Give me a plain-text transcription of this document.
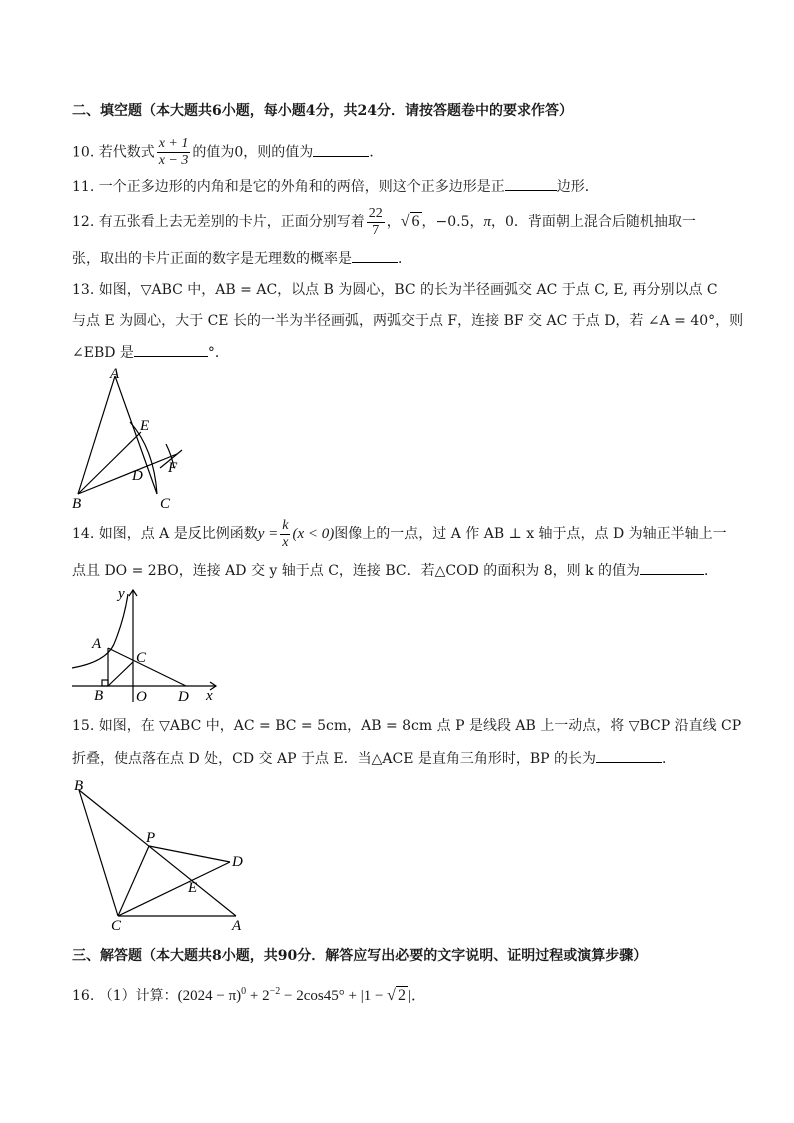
二、填空题（本大题共6小题，每小题4分，共24分．请按答题卷中的要求作答）
10. 若代数式 $\frac{x + 1}{x - 3}$ 的值为0，则的值为	．
11. 一个正多边形的内角和是它的外角和的两倍，则这个正多边形是正	边形．
12. 有五张看上去无差别的卡片，正面分别写着 $\frac{22}{7}$ ，√ 6 ，−0.5，π，0．背面朝上混合后随机抽取一
张，取出的卡片正面的数字是无理数的概率是	．
13. 如图，▽ABC 中，AB = AC，以点 B 为圆心，BC 的长为半径画弧交 AC 于点 C, E, 再分别以点 C
与点 E 为圆心，大于 CE 长的一半为半径画弧，两弧交于点 F，连接 BF 交 AC 于点 D，若 ∠A = 40°，则
∠EBD 是	°．
A
E
D F
B	C
14. 如图，点 A 是反比例函数$y = \frac{k}{x} (x < 0)$图像上的一点，过 A 作 AB ⊥ x 轴于点，点 D 为轴正半轴上一
点且 DO = 2BO，连接 AD 交 y 轴于点 C，连接 BC．若△COD 的面积为 8，则 k 的值为	．
y
x
A
C
B O D
15. 如图，在 ▽ABC 中，AC = BC = 5cm，AB = 8cm 点 P 是线段 AB 上一动点，将 ▽BCP 沿直线 CP
折叠，使点落在点 D 处，CD 交 AP 于点 E．当△ACE 是直角三角形时，BP 的长为	．
B
P
D
E
C	A
三、解答题（本大题共8小题，共90分．解答应写出必要的文字说明、证明过程或演算步骤）
16. （1）计算：$(2024 - \pi)^0 + 2^{-2} - 2\cos 45^\circ + |1$ − √ 2 |．
